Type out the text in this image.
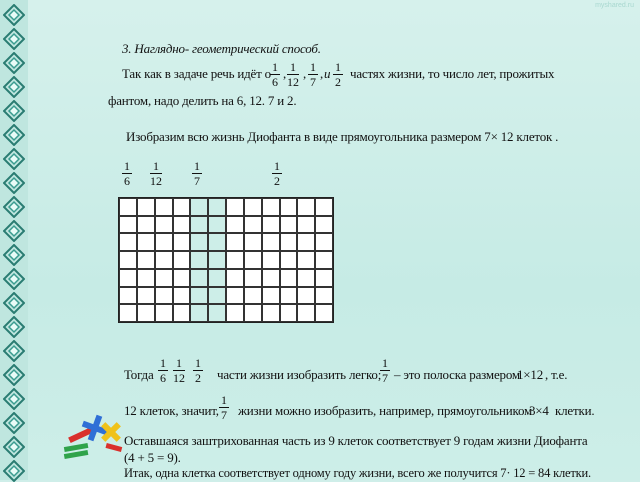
myshared.ru
3. Наглядно- геометрический способ.
Так как в задаче речь идёт о 1
6
, 1
12
, 1
7
, и 1
2
частях жизни, то число лет, прожитых
фантом, надо делить на 6, 12. 7 и 2.
Изобразим всю жизнь Диофанта в виде прямоугольника размером 7× 12 клеток .
1
6
1
12
1
7
1
2
Тогда
1
6
1
12
1
2 части жизни изобразить легко;
1
7 – это полоска размером
1×12 , т.е.
12 клеток, значит,
1
7 жизни можно изобразить, например, прямоугольником
3×4 клетки.
Оставшаяся заштрихованная часть из 9 клеток соответствует 9 годам жизни Диофанта
(4 + 5 = 9).
Итак, одна клетка соответствует одному году жизни, всего же получится 7· 12 = 84 клетки.
